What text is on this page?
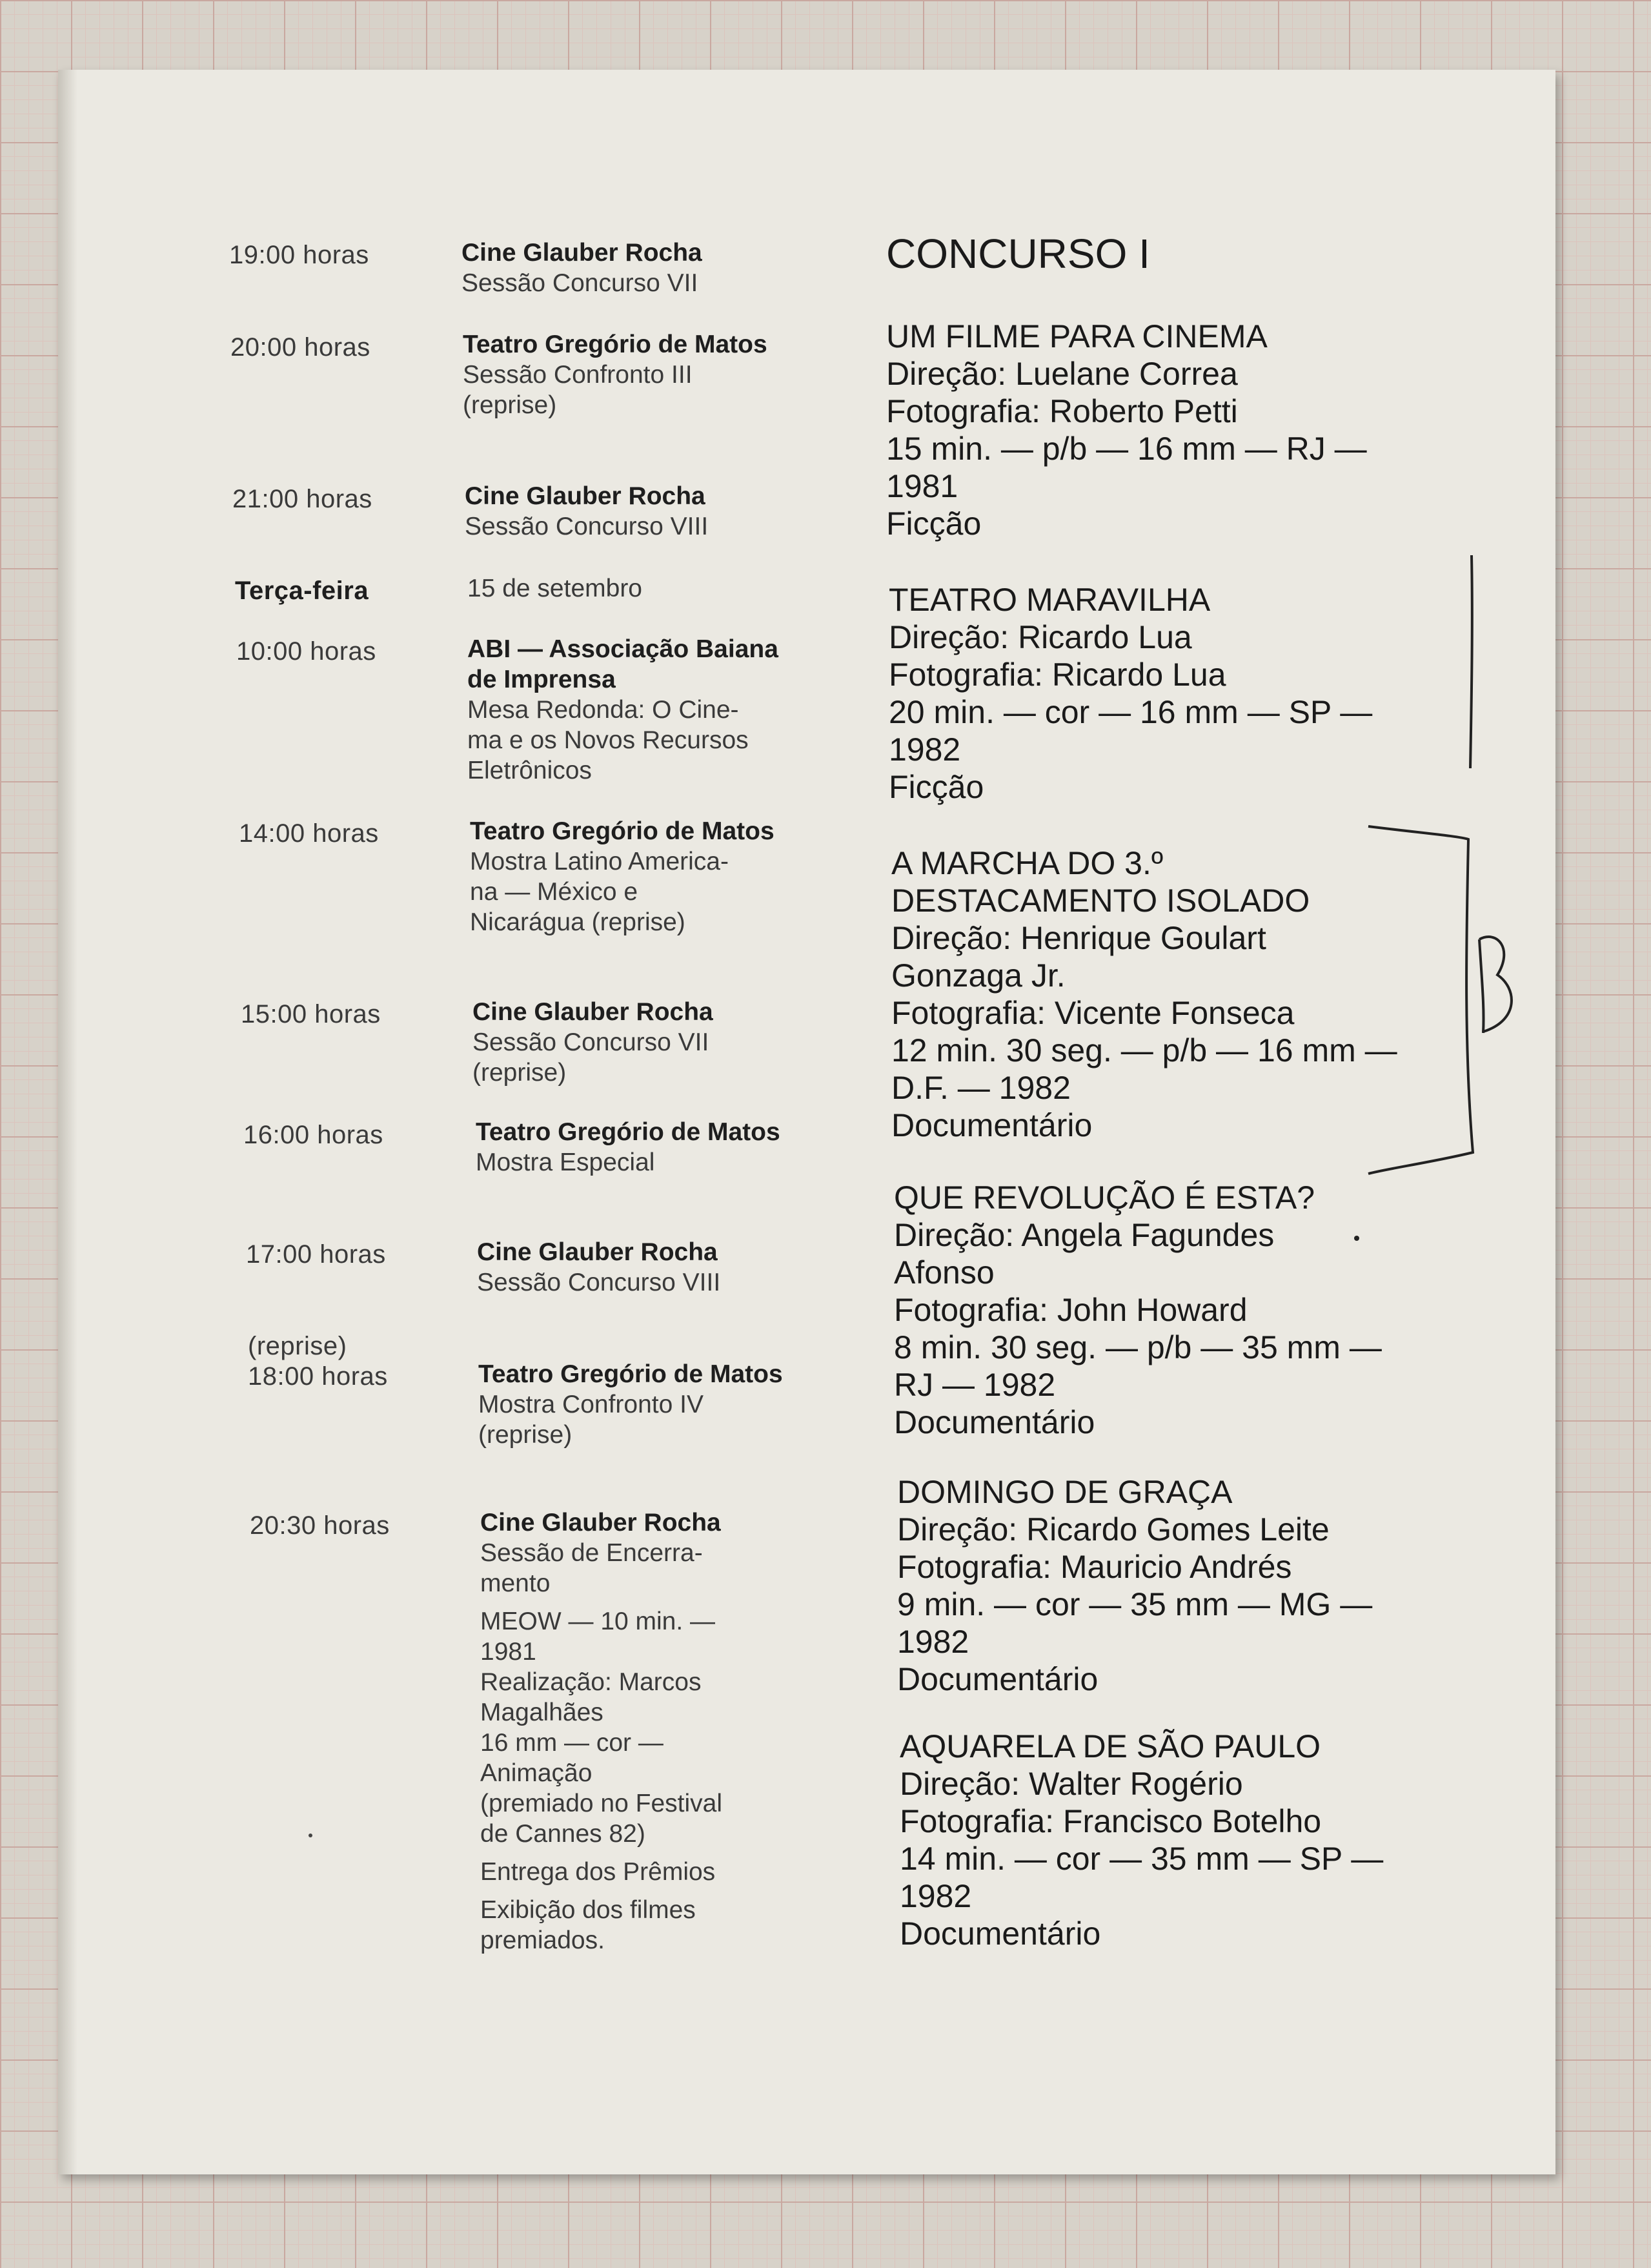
19:00 horas	Cine Glauber Rocha
Sessão Concurso VII
20:00 horas	Teatro Gregório de Matos
Sessão Confronto III
(reprise)
21:00 horas	Cine Glauber Rocha
Sessão Concurso VIII
Terça-feira	15 de setembro
10:00 horas	ABI — Associação Baiana de Imprensa
Mesa Redonda: O Cine-
ma e os Novos Recursos
Eletrônicos
14:00 horas	Teatro Gregório de Matos
Mostra Latino America-
na — México e
Nicarágua (reprise)
15:00 horas	Cine Glauber Rocha
Sessão Concurso VII
(reprise)
16:00 horas	Teatro Gregório de Matos
Mostra Especial
17:00 horas	Cine Glauber Rocha
Sessão Concurso VIII
(reprise)
18:00 horas	Teatro Gregório de Matos
Mostra Confronto IV
(reprise)
20:30 horas	Cine Glauber Rocha
Sessão de Encerra-
mento
MEOW — 10 min. —
1981
Realização: Marcos
Magalhães
16 mm — cor —
Animação
(premiado no Festival
de Cannes 82)
Entrega dos Prêmios
Exibição dos filmes
premiados.
CONCURSO I
UM FILME PARA CINEMA
Direção: Luelane Correa
Fotografia: Roberto Petti
15 min. — p/b — 16 mm — RJ —
1981
Ficção
TEATRO MARAVILHA
Direção: Ricardo Lua
Fotografia: Ricardo Lua
20 min. — cor — 16 mm — SP —
1982
Ficção
A MARCHA DO 3.º
DESTACAMENTO ISOLADO
Direção: Henrique Goulart
Gonzaga Jr.
Fotografia: Vicente Fonseca
12 min. 30 seg. — p/b — 16 mm —
D.F. — 1982
Documentário
QUE REVOLUÇÃO É ESTA?
Direção: Angela Fagundes
Afonso
Fotografia: John Howard
8 min. 30 seg. — p/b — 35 mm —
RJ — 1982
Documentário
DOMINGO DE GRAÇA
Direção: Ricardo Gomes Leite
Fotografia: Mauricio Andrés
9 min. — cor — 35 mm — MG —
1982
Documentário
AQUARELA DE SÃO PAULO
Direção: Walter Rogério
Fotografia: Francisco Botelho
14 min. — cor — 35 mm — SP —
1982
Documentário
